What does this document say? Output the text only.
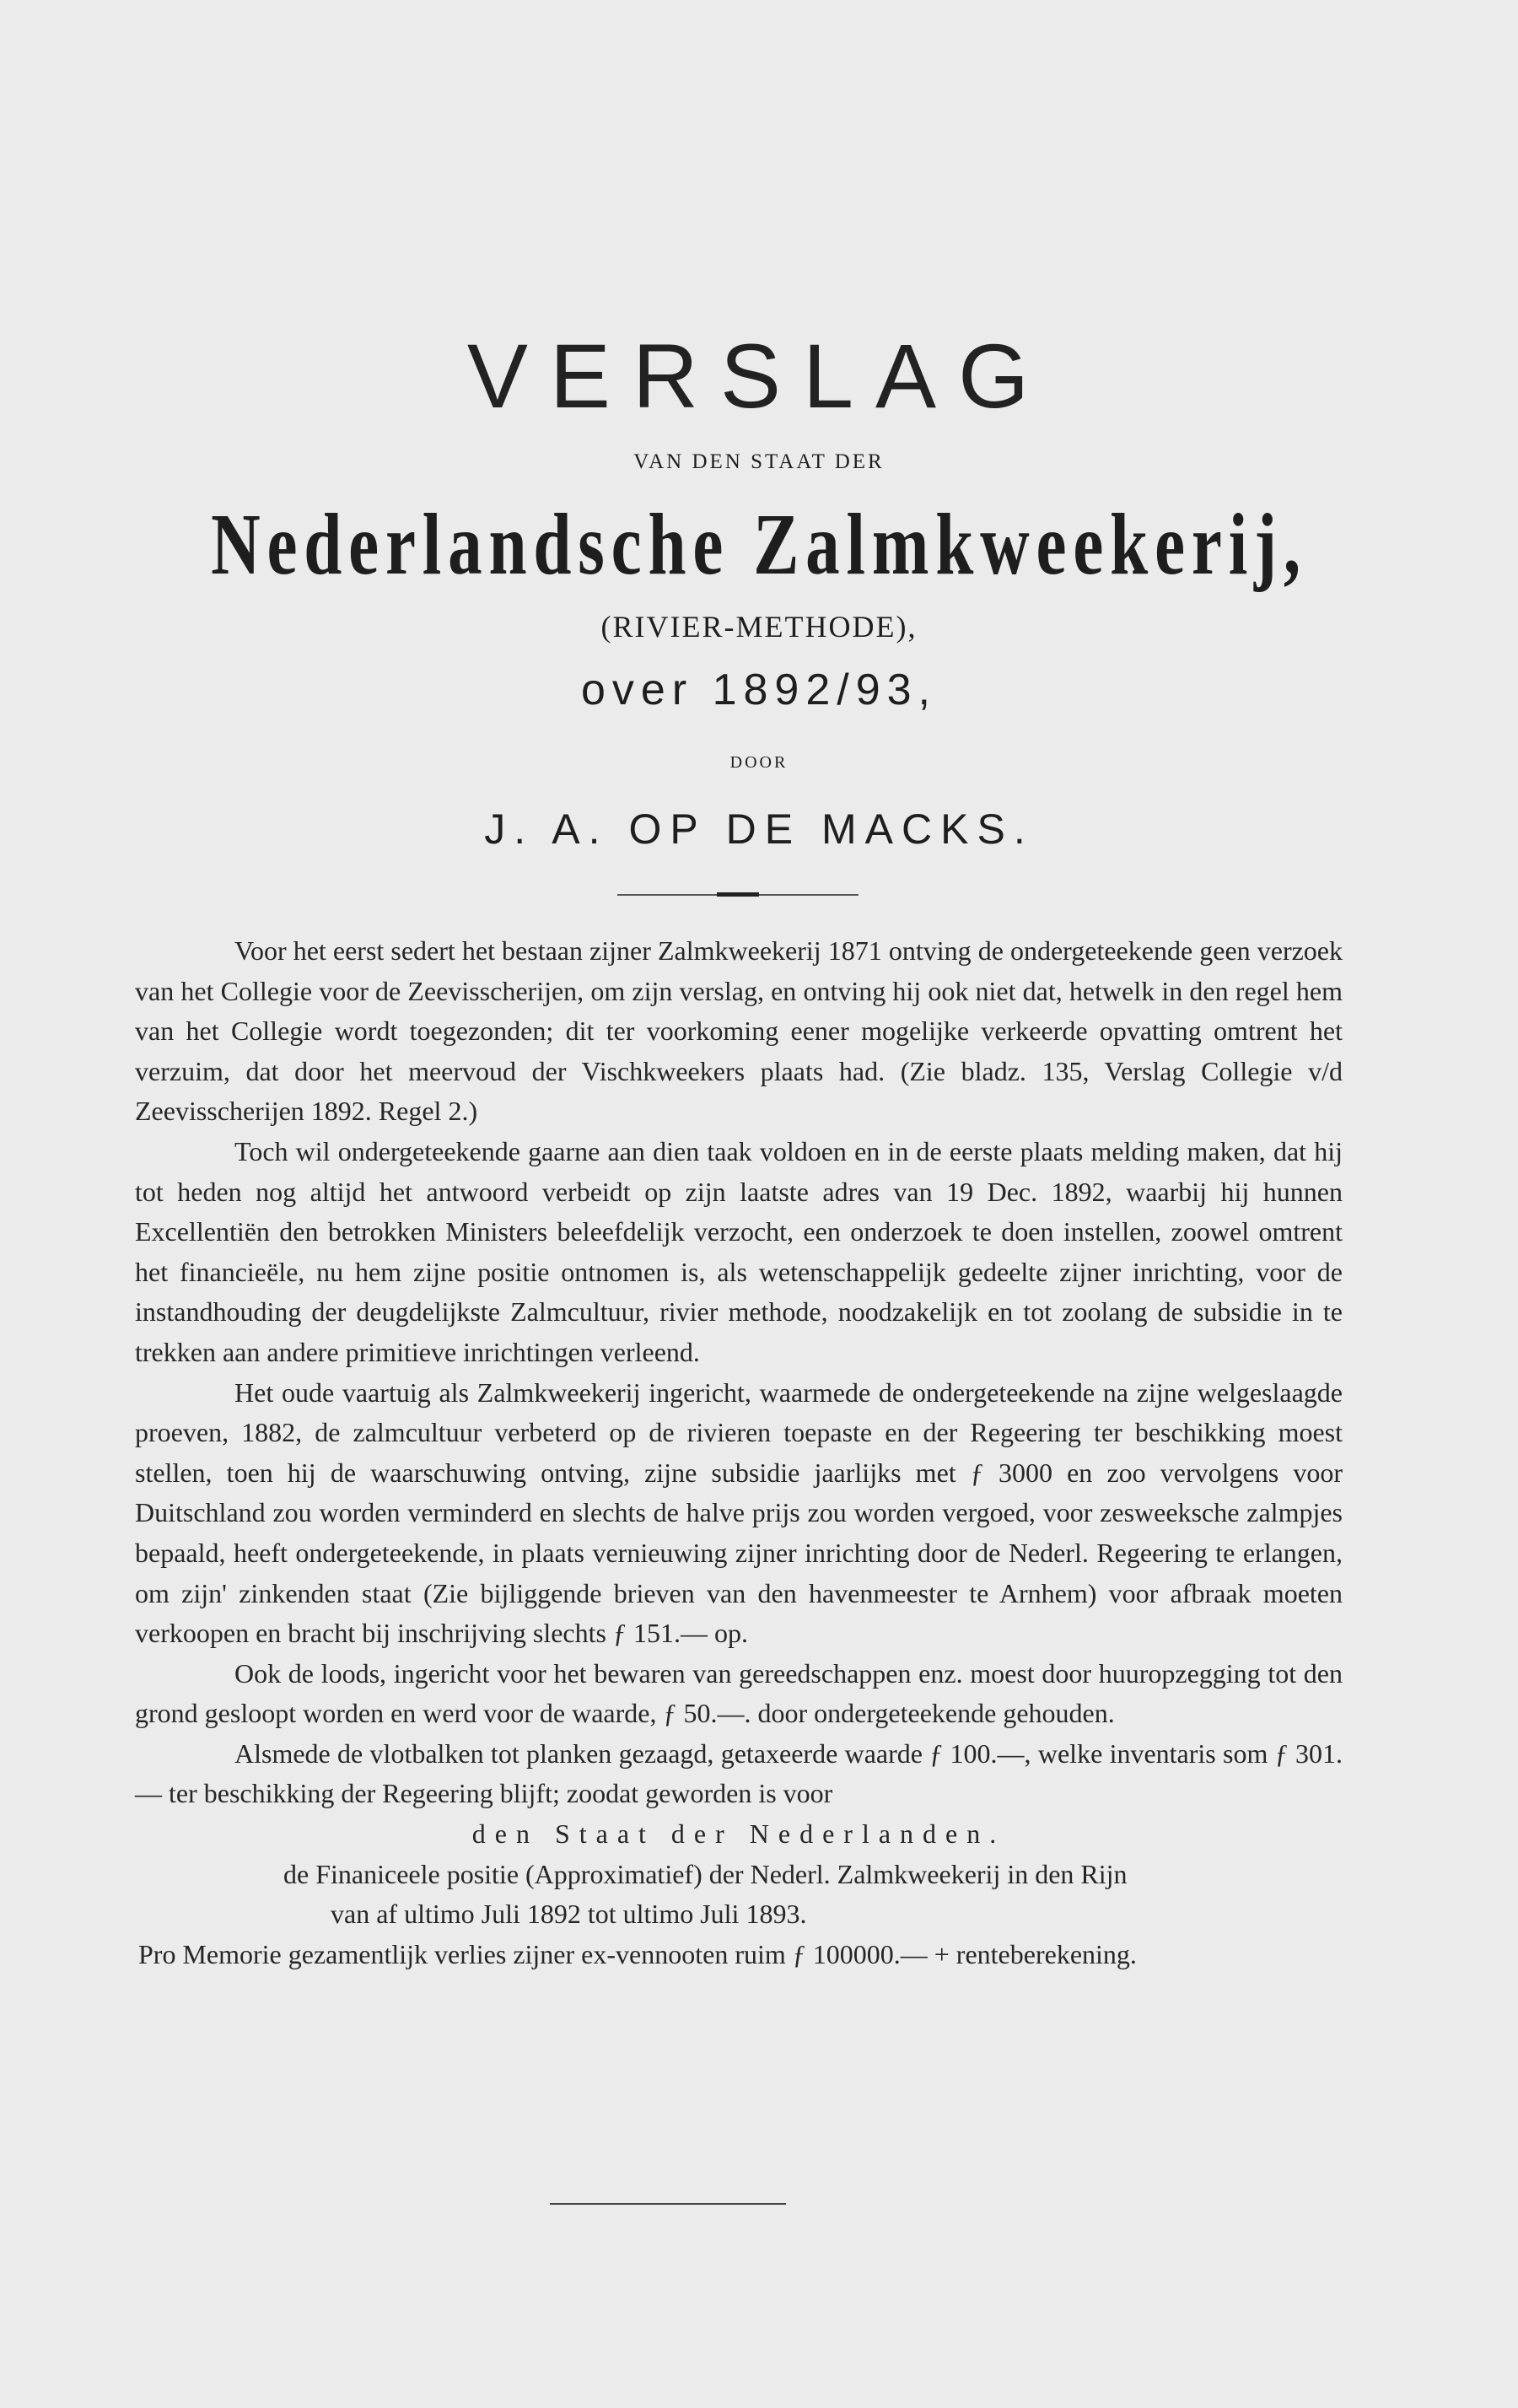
VERSLAG
VAN DEN STAAT DER
Nederlandsche Zalmkweekerij,
(RIVIER-METHODE),
over 1892/93,
DOOR
J. A. OP DE MACKS.

Voor het eerst sedert het bestaan zijner Zalmkweekerij 1871 ontving de ondergeteekende geen verzoek van het Collegie voor de Zeevisscherijen, om zijn verslag, en ontving hij ook niet dat, hetwelk in den regel hem van het Collegie wordt toegezonden; dit ter voorkoming eener mogelijke verkeerde opvatting omtrent het verzuim, dat door het meervoud der Vischkweekers plaats had. (Zie bladz. 135, Verslag Collegie v/d Zeevisscherijen 1892. Regel 2.)

Toch wil ondergeteekende gaarne aan dien taak voldoen en in de eerste plaats melding maken, dat hij tot heden nog altijd het antwoord verbeidt op zijn laatste adres van 19 Dec. 1892, waarbij hij hunnen Excellentiën den betrokken Ministers beleefdelijk verzocht, een onderzoek te doen instellen, zoowel omtrent het financieële, nu hem zijne positie ontnomen is, als wetenschappelijk gedeelte zijner inrichting, voor de instandhouding der deugdelijkste Zalmcultuur, rivier methode, noodzakelijk en tot zoolang de subsidie in te trekken aan andere primitieve inrichtingen verleend.

Het oude vaartuig als Zalmkweekerij ingericht, waarmede de ondergeteekende na zijne welgeslaagde proeven, 1882, de zalmcultuur verbeterd op de rivieren toepaste en der Regeering ter beschikking moest stellen, toen hij de waarschuwing ontving, zijne subsidie jaarlijks met ƒ 3000 en zoo vervolgens voor Duitschland zou worden verminderd en slechts de halve prijs zou worden vergoed, voor zesweeksche zalmpjes bepaald, heeft ondergeteekende, in plaats vernieuwing zijner inrichting door de Nederl. Regeering te erlangen, om zijn' zinkenden staat (Zie bijliggende brieven van den havenmeester te Arnhem) voor afbraak moeten verkoopen en bracht bij inschrijving slechts ƒ 151.— op.

Ook de loods, ingericht voor het bewaren van gereedschappen enz. moest door huuropzegging tot den grond gesloopt worden en werd voor de waarde, ƒ 50.—. door ondergeteekende gehouden.

Alsmede de vlotbalken tot planken gezaagd, getaxeerde waarde ƒ 100.—, welke inventaris som ƒ 301.— ter beschikking der Regeering blijft; zoodat geworden is voor

den Staat der Nederlanden.

de Finaniceele positie (Approximatief) der Nederl. Zalmkweekerij in den Rijn

van af ultimo Juli 1892 tot ultimo Juli 1893.

Pro Memorie gezamentlijk verlies zijner ex-vennooten ruim ƒ 100000.— + renteberekening.
